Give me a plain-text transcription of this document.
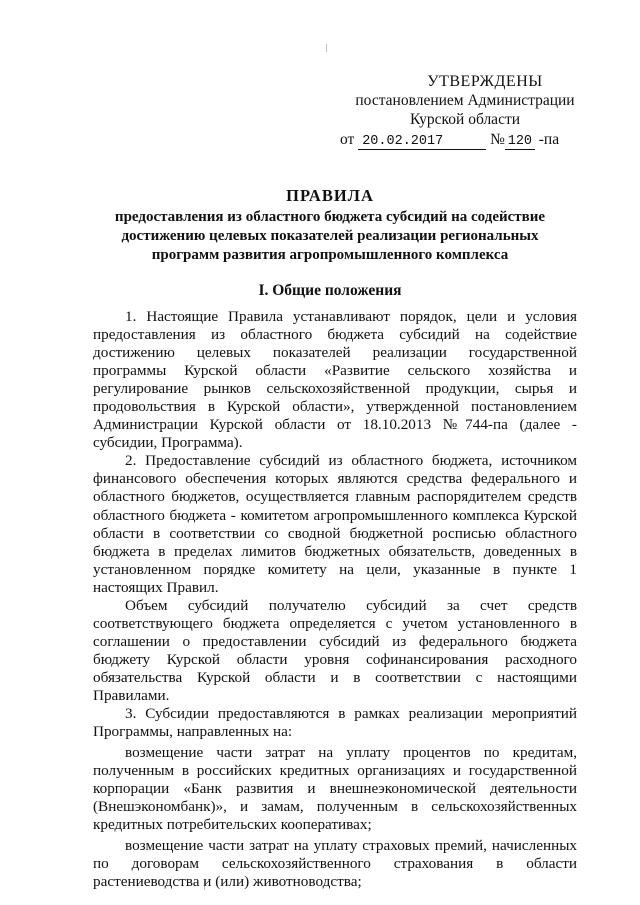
УТВЕРЖДЕНЫ
постановлением Администрации
Курской области
от 20.02.2017	№ 120 -па
ПРАВИЛА
предоставления из областного бюджета субсидий на содействие достижению целевых показателей реализации региональных программ развития агропромышленного комплекса
I. Общие положения

1. Настоящие Правила устанавливают порядок, цели и условия предоставления из областного бюджета субсидий на содействие достижению целевых показателей реализации государственной программы Курской области «Развитие сельского хозяйства и регулирование рынков сельскохозяйственной продукции, сырья и продовольствия в Курской области», утвержденной постановлением Администрации Курской области от 18.10.2013 №744-па (далее - субсидии, Программа).

2. Предоставление субсидий из областного бюджета, источником финансового обеспечения которых являются средства федерального и областного бюджетов, осуществляется главным распорядителем средств областного бюджета - комитетом агропромышленного комплекса Курской области в соответствии со сводной бюджетной росписью областного бюджета в пределах лимитов бюджетных обязательств, доведенных в установленном порядке комитету на цели, указанные в пункте 1 настоящих Правил.

Объем субсидий получателю субсидий за счет средств соответствующего бюджета определяется с учетом установленного в соглашении о предоставлении субсидий из федерального бюджета бюджету Курской области уровня софинансирования расходного обязательства Курской области и в соответствии с настоящими Правилами.

3. Субсидии предоставляются в рамках реализации мероприятий Программы, направленных на:

возмещение части затрат на уплату процентов по кредитам, полученным в российских кредитных организациях и государственной корпорации «Банк развития и внешнеэкономической деятельности (Внешэкономбанк)», и замам, полученным в сельскохозяйственных кредитных потребительских кооперативах;

возмещение части затрат на уплату страховых премий, начисленных по договорам сельскохозяйственного страхования в области растениеводства и (или) животноводства;
